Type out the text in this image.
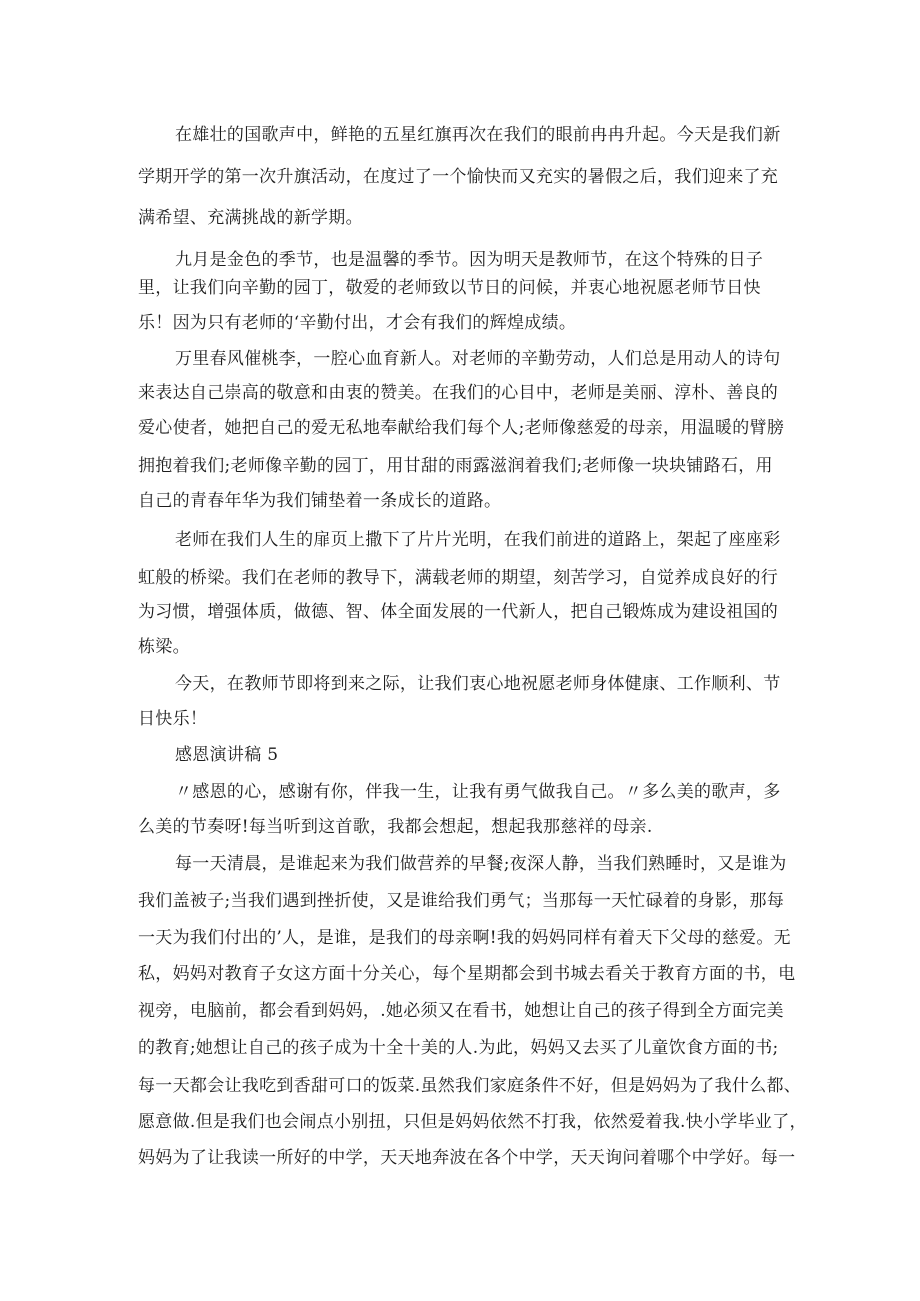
在雄壮的国歌声中，鲜艳的五星红旗再次在我们的眼前冉冉升起。今天是我们新
学期开学的第一次升旗活动，在度过了一个愉快而又充实的暑假之后，我们迎来了充
满希望、充满挑战的新学期。
九月是金色的季节，也是温馨的季节。因为明天是教师节，在这个特殊的日子
里，让我们向辛勤的园丁，敬爱的老师致以节日的问候，并衷心地祝愿老师节日快
乐！因为只有老师的‘辛勤付出，才会有我们的辉煌成绩。
万里春风催桃李，一腔心血育新人。对老师的辛勤劳动，人们总是用动人的诗句
来表达自己崇高的敬意和由衷的赞美。在我们的心目中，老师是美丽、淳朴、善良的
爱心使者，她把自己的爱无私地奉献给我们每个人;老师像慈爱的母亲，用温暖的臂膀
拥抱着我们;老师像辛勤的园丁，用甘甜的雨露滋润着我们;老师像一块块铺路石，用
自己的青春年华为我们铺垫着一条成长的道路。
老师在我们人生的扉页上撒下了片片光明，在我们前进的道路上，架起了座座彩
虹般的桥梁。我们在老师的教导下，满载老师的期望，刻苦学习，自觉养成良好的行
为习惯，增强体质，做德、智、体全面发展的一代新人，把自己锻炼成为建设祖国的
栋梁。
今天，在教师节即将到来之际，让我们衷心地祝愿老师身体健康、工作顺利、节
日快乐！
感恩演讲稿 5
〃感恩的心，感谢有你，伴我一生，让我有勇气做我自己。〃多么美的歌声，多
么美的节奏呀!每当听到这首歌，我都会想起，想起我那慈祥的母亲.
每一天清晨，是谁起来为我们做营养的早餐;夜深人静，当我们熟睡时，又是谁为
我们盖被子;当我们遇到挫折使，又是谁给我们勇气；当那每一天忙碌着的身影，那每
一天为我们付出的’人，是谁，是我们的母亲啊!我的妈妈同样有着天下父母的慈爱。无
私，妈妈对教育子女这方面十分关心，每个星期都会到书城去看关于教育方面的书，电
视旁，电脑前，都会看到妈妈，.她必须又在看书，她想让自己的孩子得到全方面完美
的教育;她想让自己的孩子成为十全十美的人.为此，妈妈又去买了儿童饮食方面的书;
每一天都会让我吃到香甜可口的饭菜.虽然我们家庭条件不好，但是妈妈为了我什么都、
愿意做.但是我们也会闹点小别扭，只但是妈妈依然不打我，依然爱着我.快小学毕业了，
妈妈为了让我读一所好的中学，天天地奔波在各个中学，天天询问着哪个中学好。每一
